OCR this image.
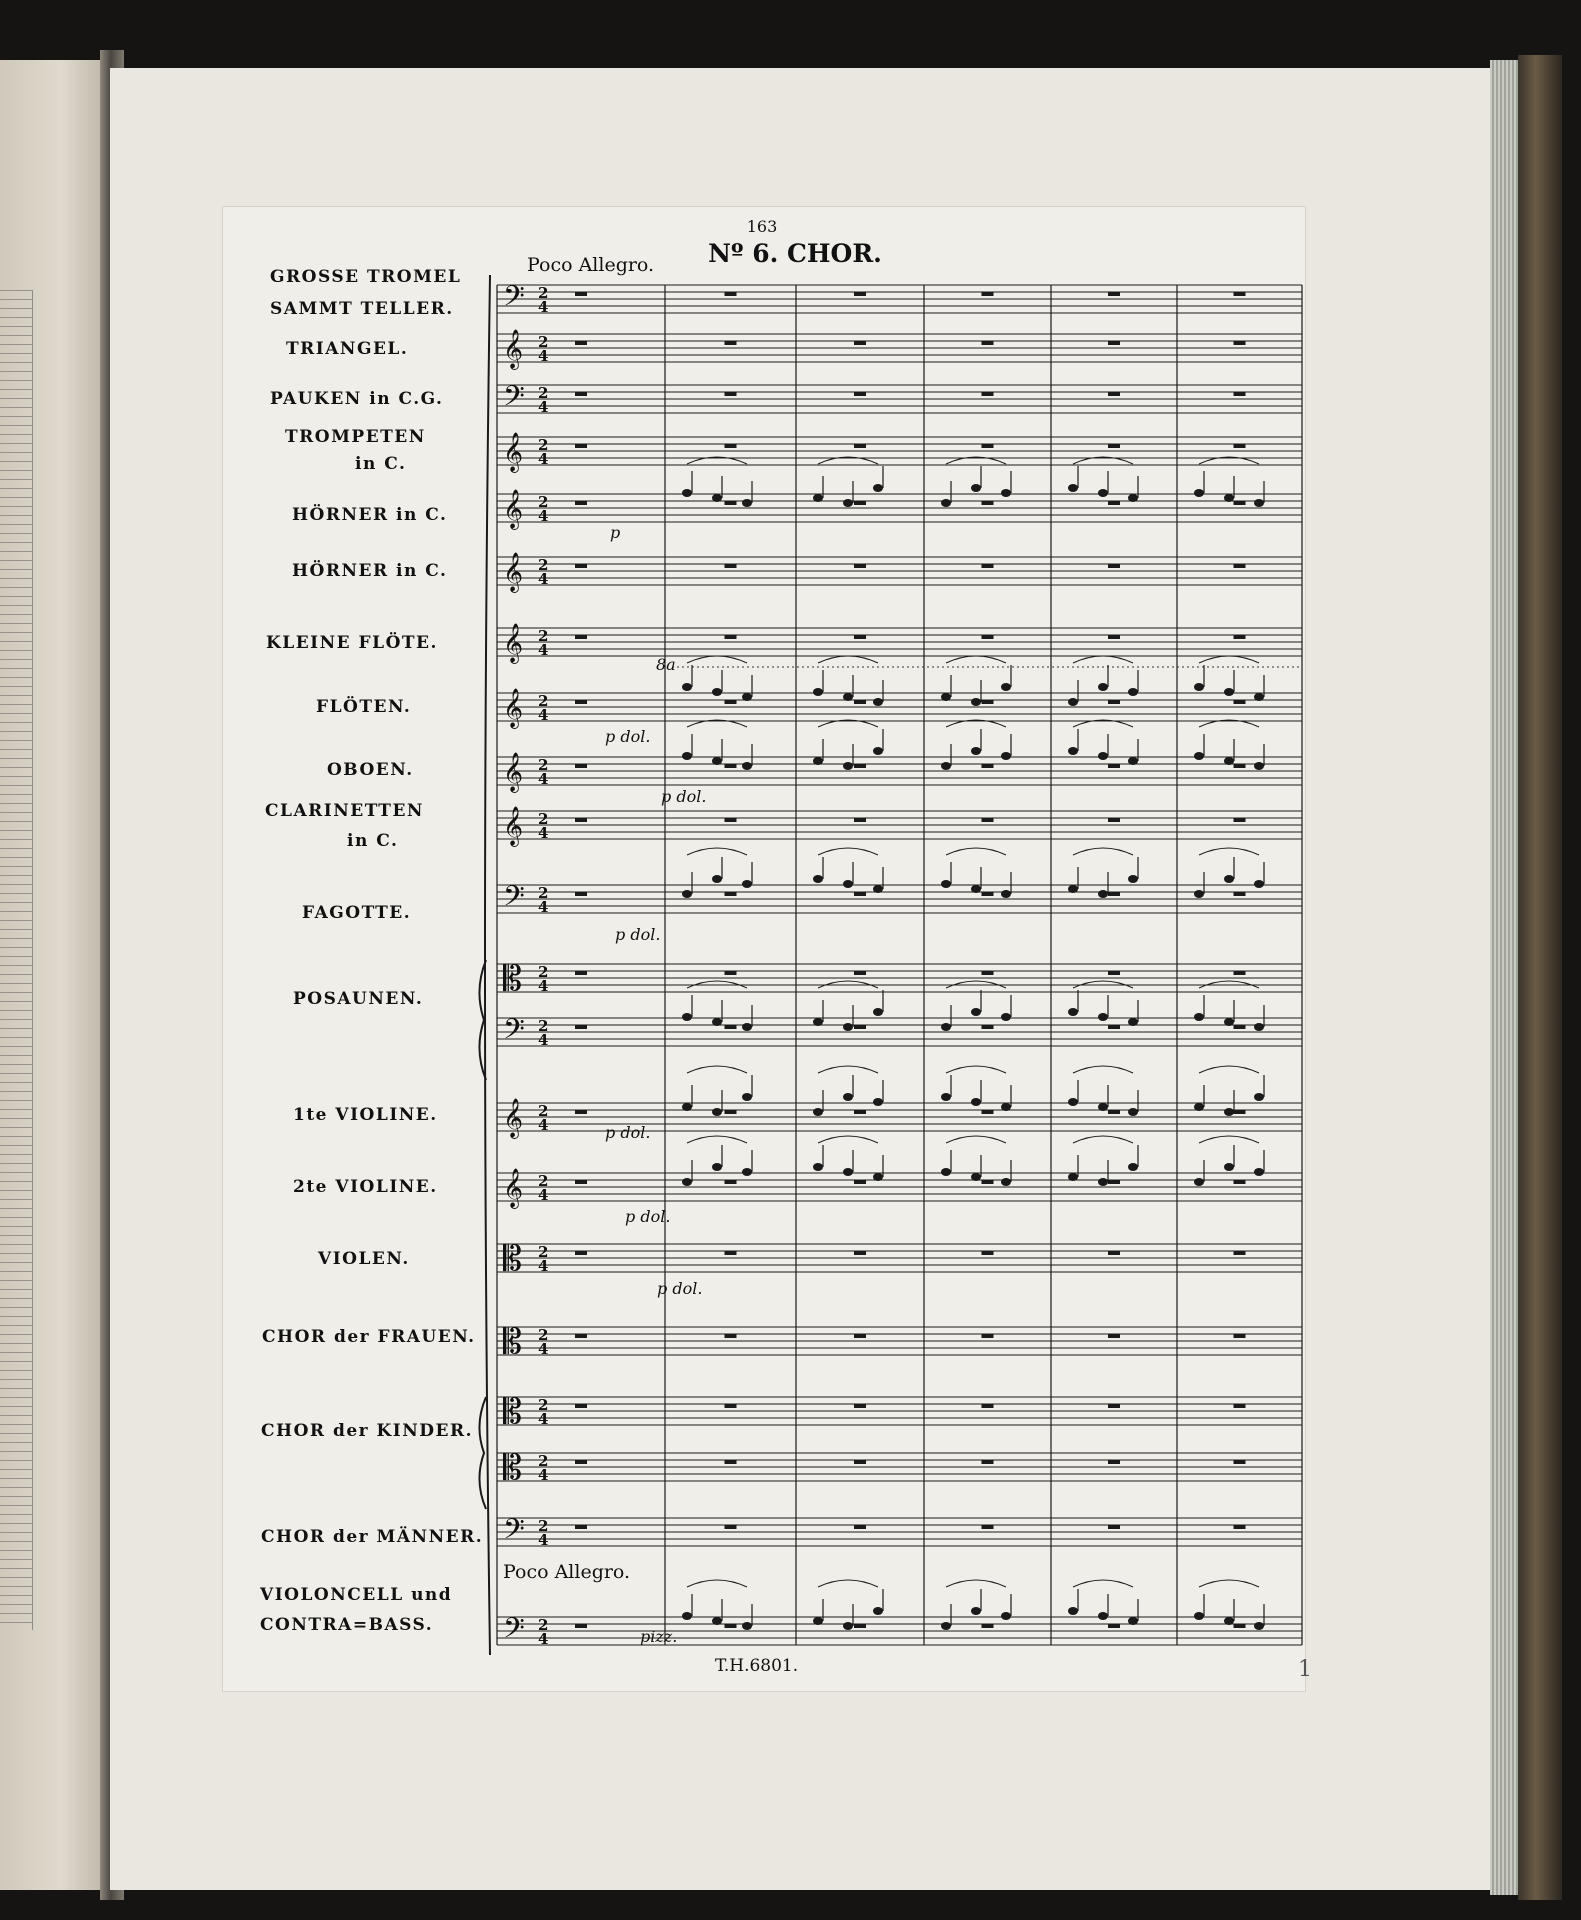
𝄢 2
4
𝄞 2
4
𝄢 2
4
𝄞 2
4
𝄞 2
4
𝄞 2
4
𝄞 2
4
𝄞 2
4
𝄞 2
4
𝄞 2
4
𝄢 2
4
𝄡 2
4
𝄢 2
4
𝄞 2
4
𝄞 2
4
𝄡 2
4
𝄡 2
4
𝄡 2
4
𝄡 2
4
𝄢 2
4
𝄢 2
4
163
Nº 6. CHOR.
Poco Allegro.
8a
GROSSE TROMEL
SAMMT TELLER.
TRIANGEL.
PAUKEN in C.G.
TROMPETEN
in C.
HÖRNER in C.
HÖRNER in C.
KLEINE FLÖTE.
FLÖTEN.
OBOEN.
CLARINETTEN
in C.
FAGOTTE.
POSAUNEN.
1te VIOLINE.
2te VIOLINE.
VIOLEN.
CHOR der FRAUEN.
CHOR der KINDER.
CHOR der MÄNNER.
VIOLONCELL und
CONTRA=BASS.
p
p dol.
p dol.
p dol.
p dol.
p dol.
p dol.
pizz.
Poco Allegro.
T.H.6801.	1
